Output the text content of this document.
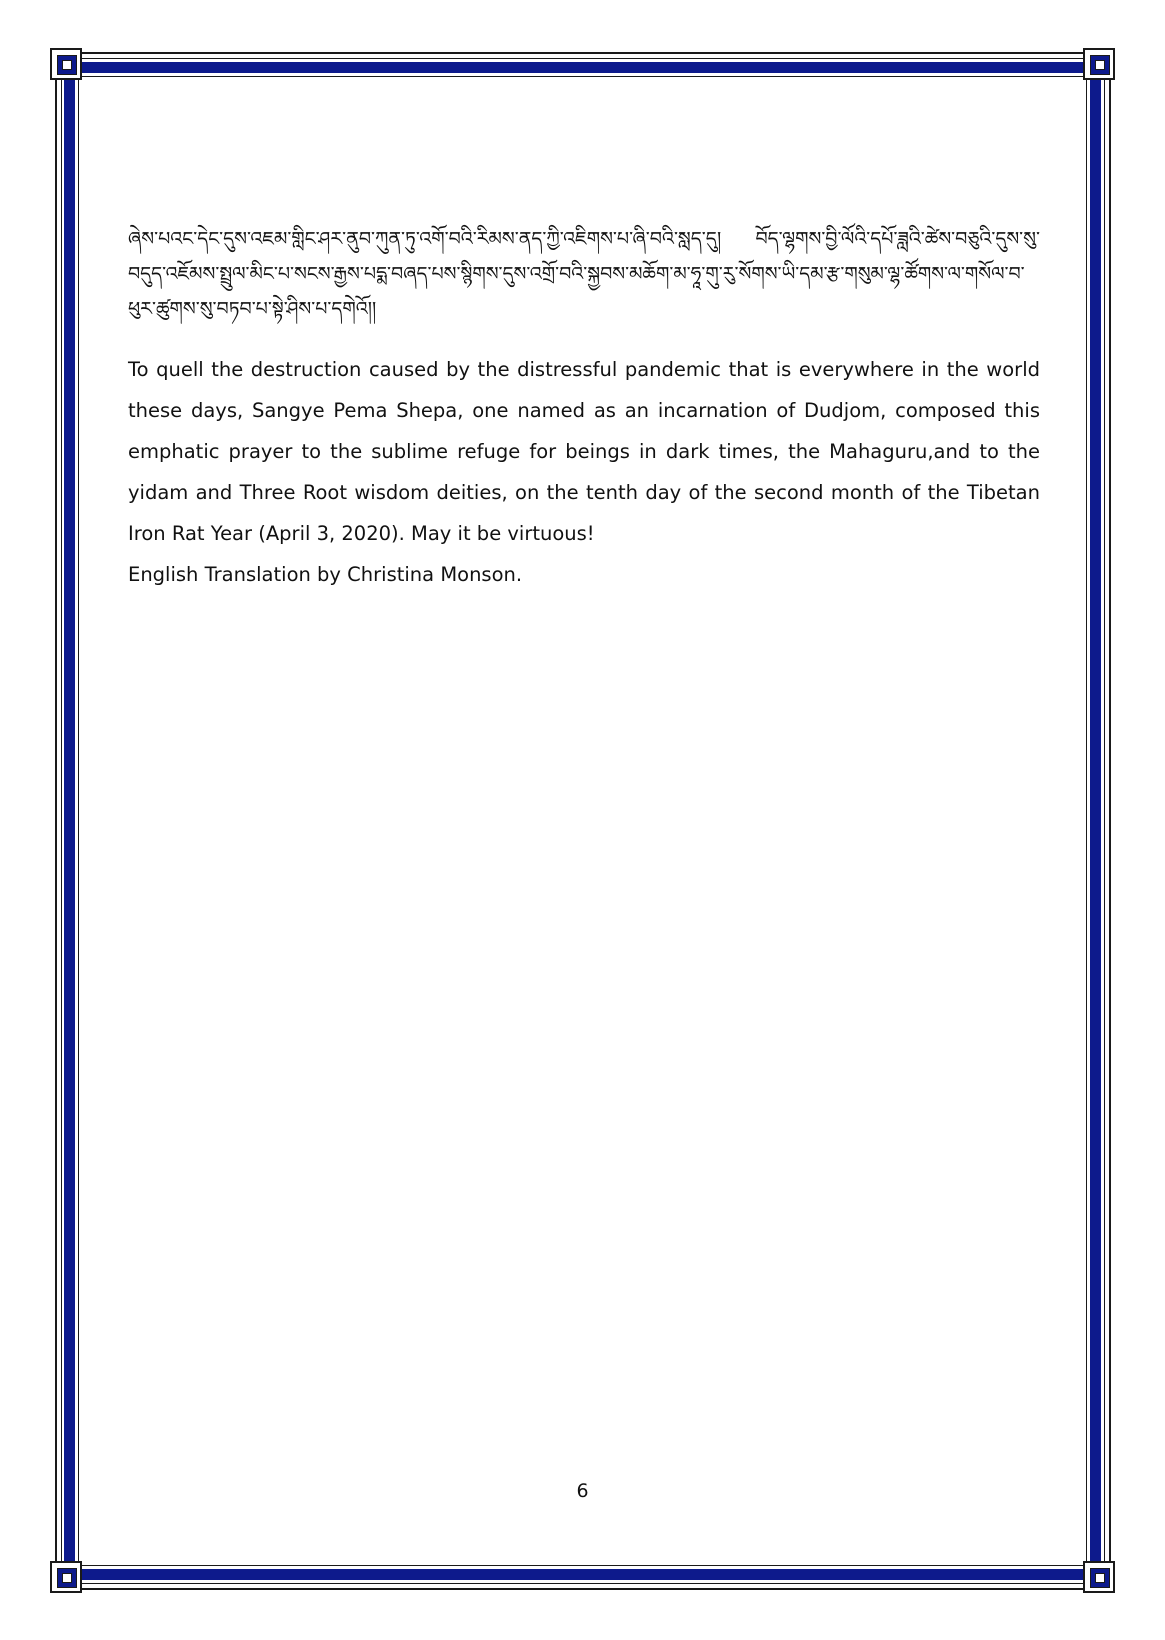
ཞེས་པའང་དེང་དུས་འཇམ་གླིང་ཤར་ནུབ་ཀུན་ཏུ་འགོ་བའི་རིམས་ནད་ཀྱི་འཇིགས་པ་ཞི་བའི་སླད་དུ། བོད་ལྷགས་བྱི་ལོའི་དཔོ་ཟླའི་ཚེས་བཅུའི་དུས་སུ་བདུད་འཇོམས་སྤྲུལ་མིང་པ་སངས་རྒྱས་པདྨ་བཞད་པས་སྙིགས་དུས་འགྲོ་བའི་སྐྱབས་མཆོག་མ་ཧཱ་གུ་རུ་སོགས་ཡི་དམ་རྩ་གསུམ་ལྷ་ཚོགས་ལ་གསོལ་བ་ཕུར་ཚུགས་སུ་བཏབ་པ་སྟེ་ཤིས་པ་དགེའོ།།

To quell the destruction caused by the distressful pandemic that is everywhere in the world these days, Sangye Pema Shepa, one named as an incarnation of Dudjom, composed this emphatic prayer to the sublime refuge for beings in dark times, the Mahaguru,and to the yidam and Three Root wisdom deities, on the tenth day of the second month of the Tibetan Iron Rat Year (April 3, 2020). May it be virtuous!

English Translation by Christina Monson.

6
